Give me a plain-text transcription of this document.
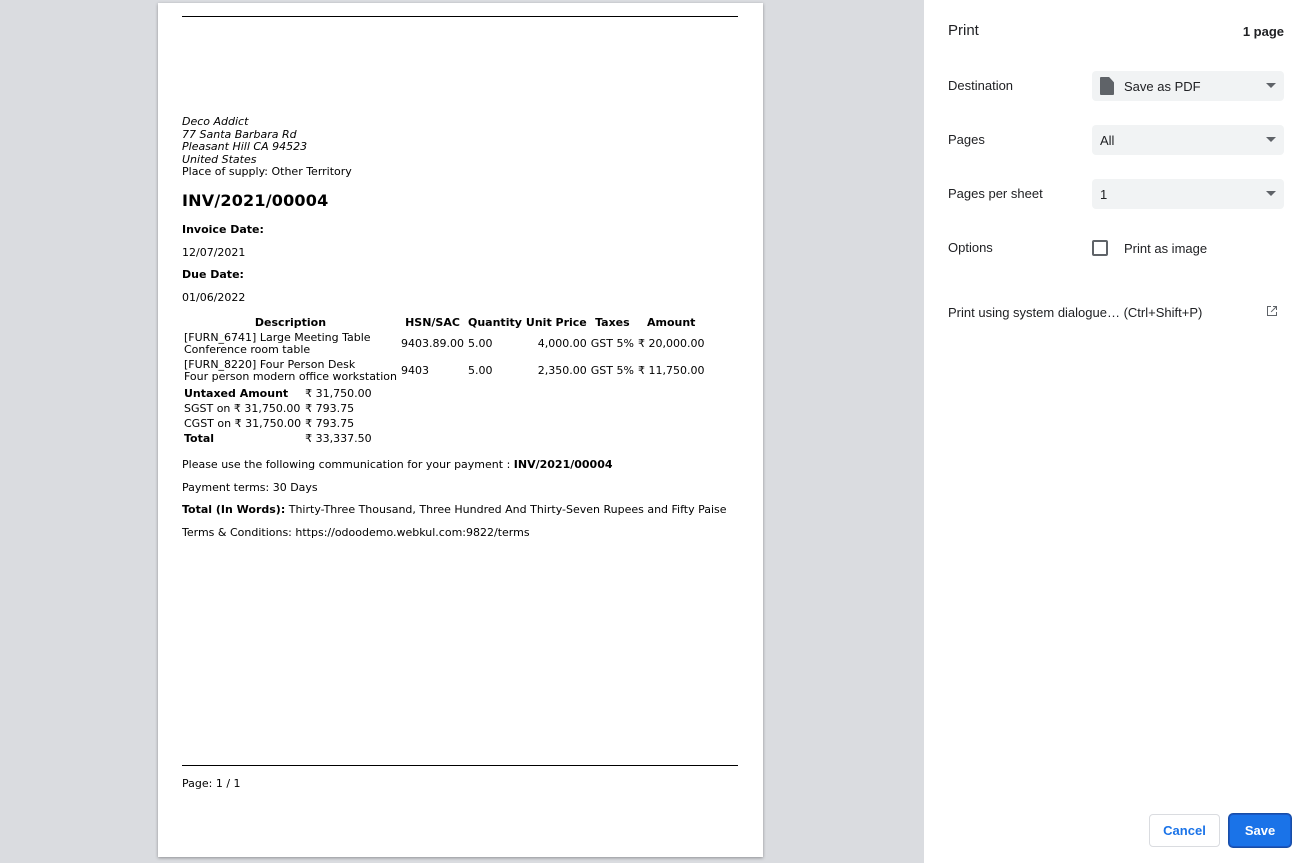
Deco Addict
77 Santa Barbara Rd
Pleasant Hill CA 94523
United States
Place of supply: Other Territory
INV/2021/00004
Invoice Date:
12/07/2021
Due Date:
01/06/2022
Description	HSN/SAC	Quantity	Unit Price	Taxes	Amount

[FURN_6741] Large Meeting Table
Conference room table	9403.89.00	5.00	4,000.00	GST 5%	₹ 20,000.00

[FURN_8220] Four Person Desk
Four person modern office workstation	9403	5.00	2,350.00	GST 5%	₹ 11,750.00
Untaxed Amount	₹ 31,750.00
SGST on ₹ 31,750.00	₹ 793.75
CGST on ₹ 31,750.00	₹ 793.75
Total	₹ 33,337.50
Please use the following communication for your payment : INV/2021/00004
Payment terms: 30 Days
Total (In Words): Thirty-Three Thousand, Three Hundred And Thirty-Seven Rupees and Fifty Paise
Terms & Conditions: https://odoodemo.webkul.com:9822/terms
Page: 1 / 1
Print	1 page
Destination	Save as PDF
Pages	All
Pages per sheet	1
Options	Print as image
Print using system dialogue… (Ctrl+Shift+P)
Cancel	Save
